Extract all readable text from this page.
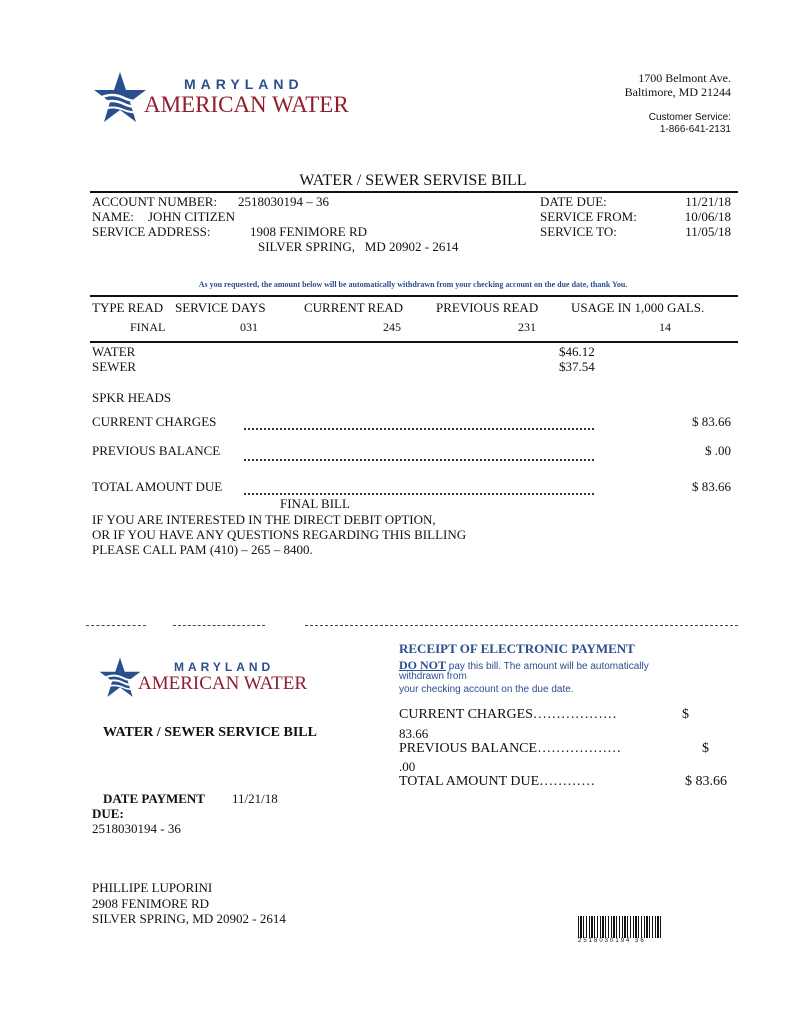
MARYLAND
AMERICAN WATER
1700 Belmont Ave.
Baltimore, MD 21244
Customer Service:
1-866-641-2131
WATER / SEWER SERVISE BILL
ACCOUNT NUMBER: 2518030194 – 36
NAME: JOHN CITIZEN
SERVICE ADDRESS:	1908 FENIMORE RD
SILVER SPRING,   MD 20902 - 2614
DATE DUE:	11/21/18
SERVICE FROM:	10/06/18
SERVICE TO:	11/05/18
As you requested, the amount below will be automatically withdrawn from your checking account on the due date, thank You.
TYPE READ SERVICE DAYS	CURRENT READ	PREVIOUS READ	USAGE IN 1,000 GALS.
FINAL	031	245	231	14
WATER	$46.12
SEWER	$37.54
SPKR HEADS
CURRENT CHARGES	$ 83.66
PREVIOUS BALANCE	$ .00
TOTAL AMOUNT DUE	$ 83.66
FINAL BILL
IF YOU ARE INTERESTED IN THE DIRECT DEBIT OPTION,
OR IF YOU HAVE ANY QUESTIONS REGARDING THIS BILLING
PLEASE CALL PAM (410) – 265 – 8400.
MARYLAND
AMERICAN WATER
WATER / SEWER SERVICE BILL
RECEIPT OF ELECTRONIC PAYMENT
DO NOT pay this bill. The amount will be automatically
withdrawn from
your checking account on the due date.
CURRENT CHARGES………………	$
83.66
PREVIOUS BALANCE………………	$
.00
TOTAL AMOUNT DUE…………	$ 83.66
DATE PAYMENT 11/21/18
DUE:
2518030194 - 36
PHILLIPE LUPORINI
2908 FENIMORE RD
SILVER SPRING, MD 20902 - 2614
2518030194 36
